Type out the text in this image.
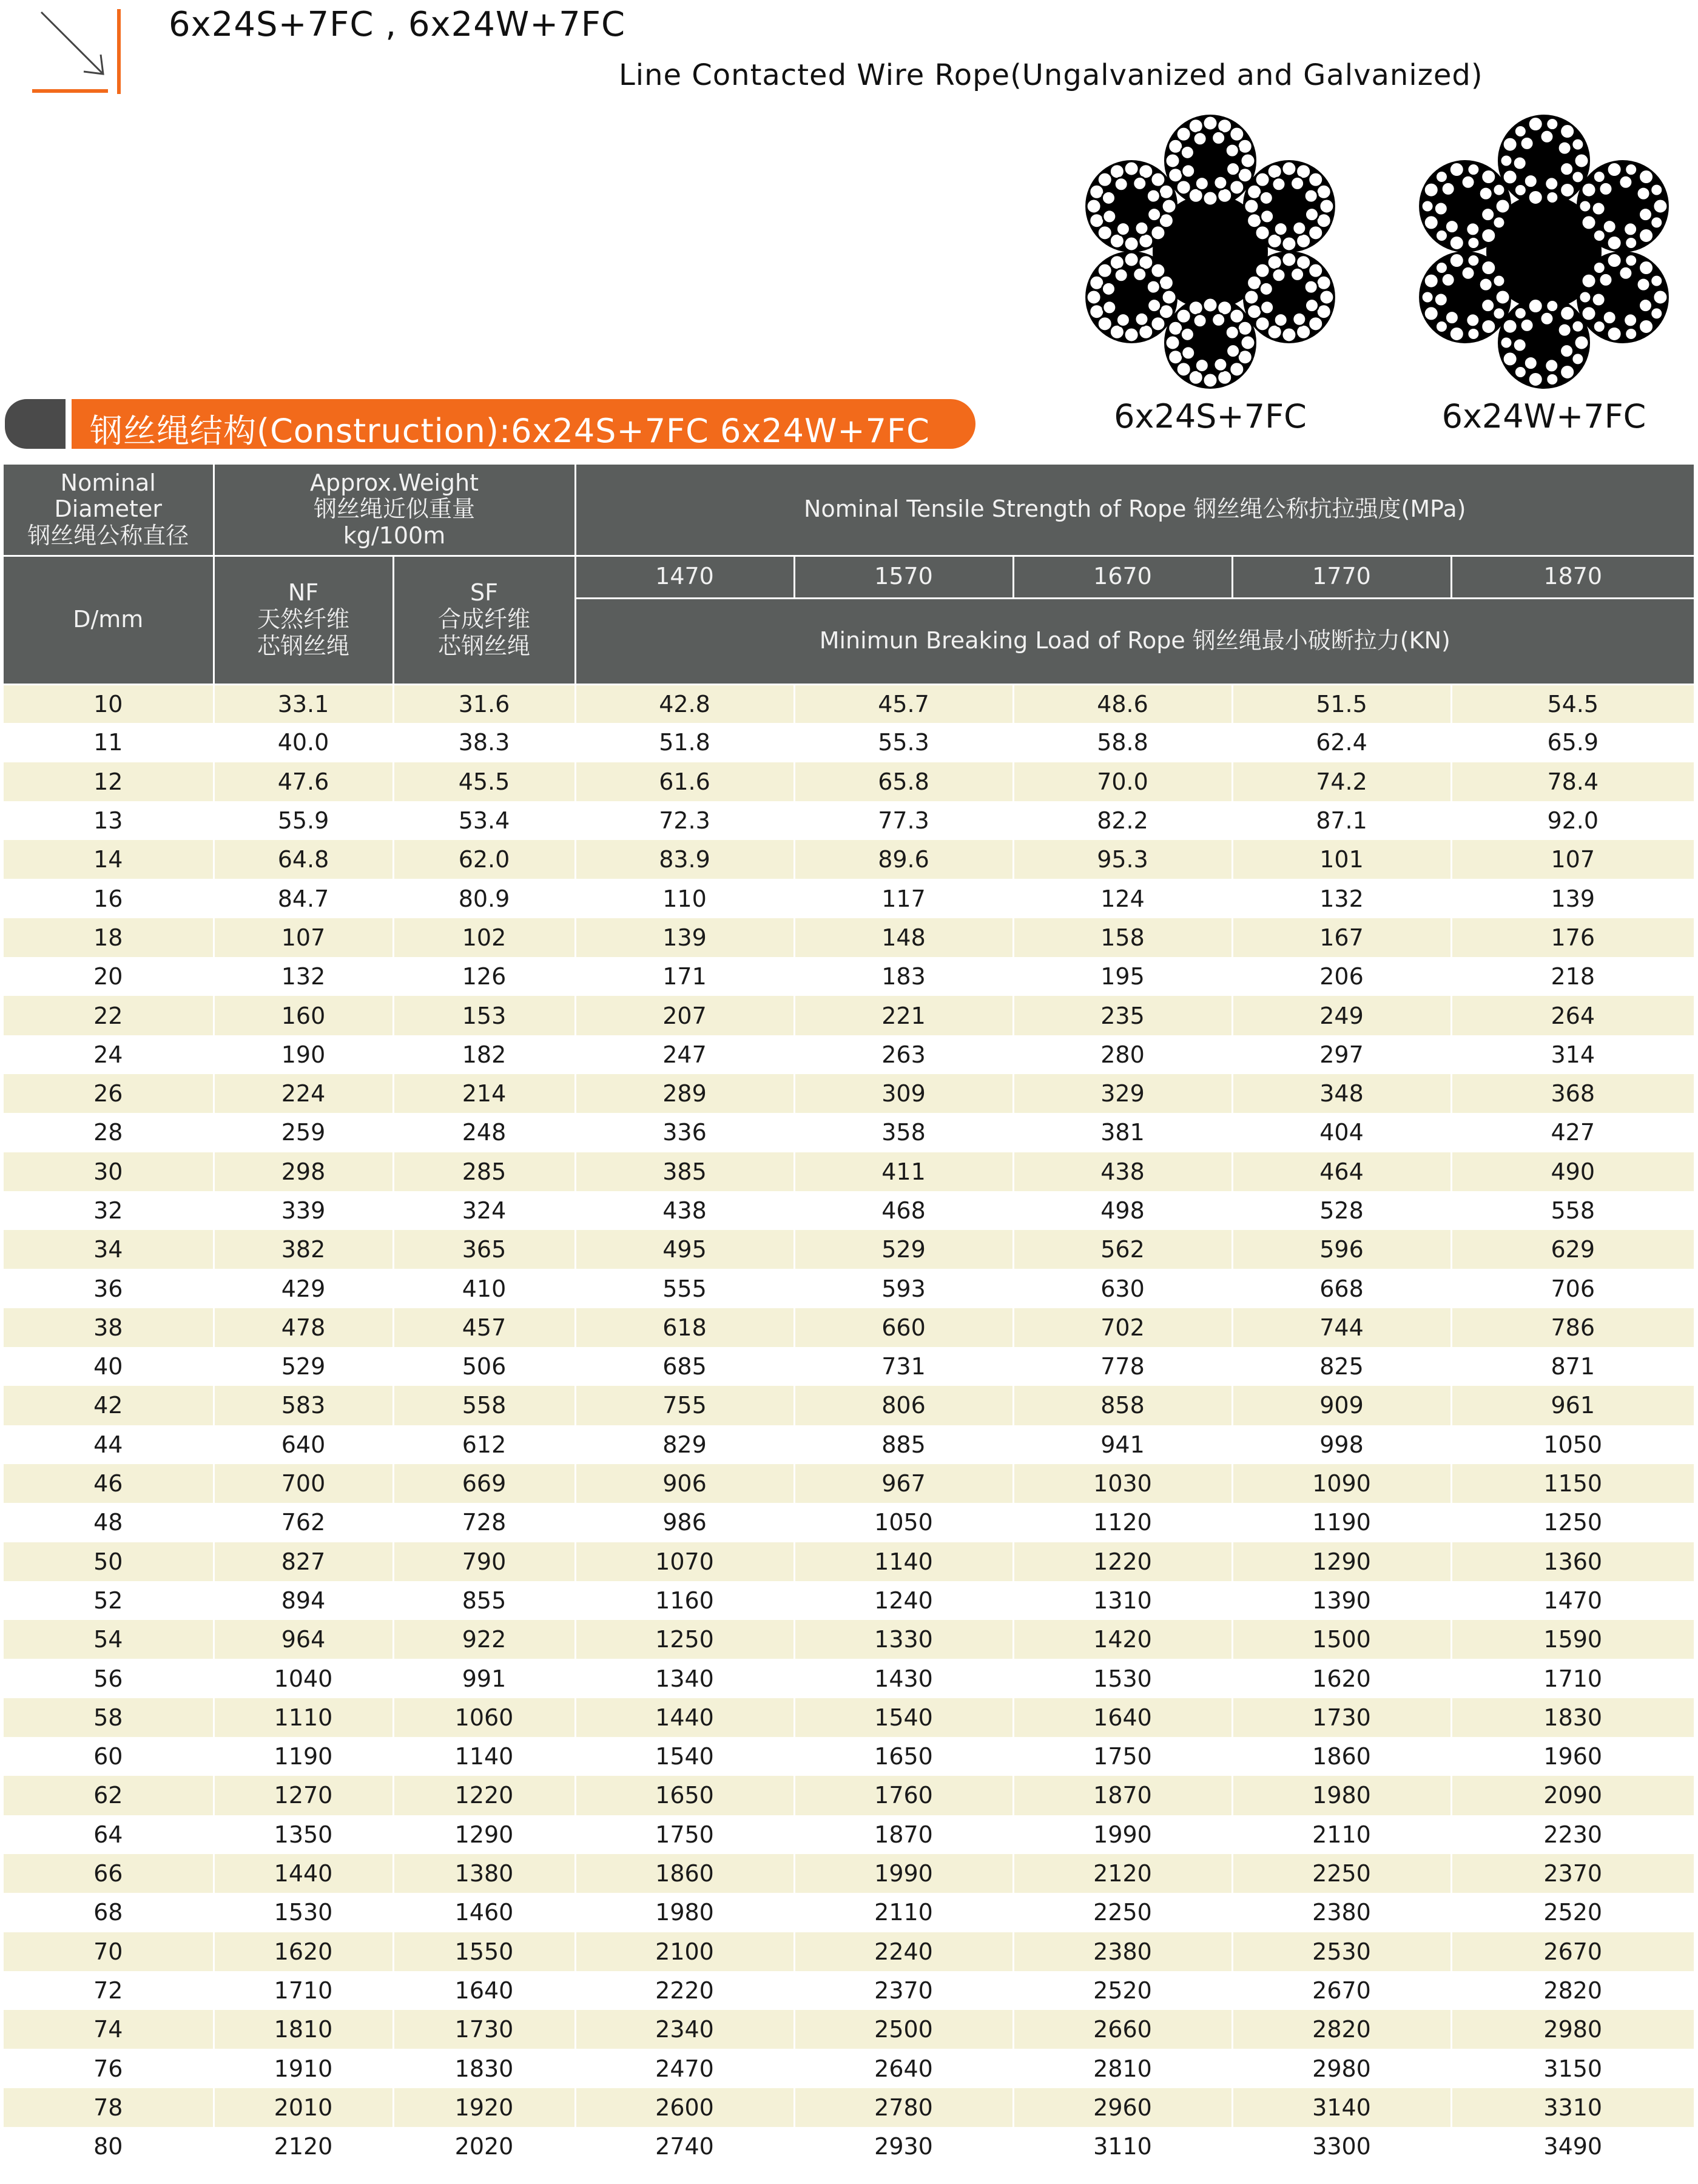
6x24S+7FC , 6x24W+7FC
Line Contacted Wire Rope(Ungalvanized and Galvanized)
6x24S+7FC	6x24W+7FC
钢丝绳结构(Construction):6x24S+7FC 6x24W+7FC
Nominal Diameter
钢丝绳公称直径	Approx.Weight
钢丝绳近似重量
kg/100m		Nominal Tensile Strength of Rope 钢丝绳公称抗拉强度(MPa)				
D/mm	NF
天然纤维
芯钢丝绳	SF
合成纤维
芯钢丝绳	1470	1570	1670	1770	1870
			Minimun Breaking Load of Rope 钢丝绳最小破断拉力(KN)				
10	33.1	31.6	42.8	45.7	48.6	51.5	54.5
11	40.0	38.3	51.8	55.3	58.8	62.4	65.9
12	47.6	45.5	61.6	65.8	70.0	74.2	78.4
13	55.9	53.4	72.3	77.3	82.2	87.1	92.0
14	64.8	62.0	83.9	89.6	95.3	101	107
16	84.7	80.9	110	117	124	132	139
18	107	102	139	148	158	167	176
20	132	126	171	183	195	206	218
22	160	153	207	221	235	249	264
24	190	182	247	263	280	297	314
26	224	214	289	309	329	348	368
28	259	248	336	358	381	404	427
30	298	285	385	411	438	464	490
32	339	324	438	468	498	528	558
34	382	365	495	529	562	596	629
36	429	410	555	593	630	668	706
38	478	457	618	660	702	744	786
40	529	506	685	731	778	825	871
42	583	558	755	806	858	909	961
44	640	612	829	885	941	998	1050
46	700	669	906	967	1030	1090	1150
48	762	728	986	1050	1120	1190	1250
50	827	790	1070	1140	1220	1290	1360
52	894	855	1160	1240	1310	1390	1470
54	964	922	1250	1330	1420	1500	1590
56	1040	991	1340	1430	1530	1620	1710
58	1110	1060	1440	1540	1640	1730	1830
60	1190	1140	1540	1650	1750	1860	1960
62	1270	1220	1650	1760	1870	1980	2090
64	1350	1290	1750	1870	1990	2110	2230
66	1440	1380	1860	1990	2120	2250	2370
68	1530	1460	1980	2110	2250	2380	2520
70	1620	1550	2100	2240	2380	2530	2670
72	1710	1640	2220	2370	2520	2670	2820
74	1810	1730	2340	2500	2660	2820	2980
76	1910	1830	2470	2640	2810	2980	3150
78	2010	1920	2600	2780	2960	3140	3310
80	2120	2020	2740	2930	3110	3300	3490
